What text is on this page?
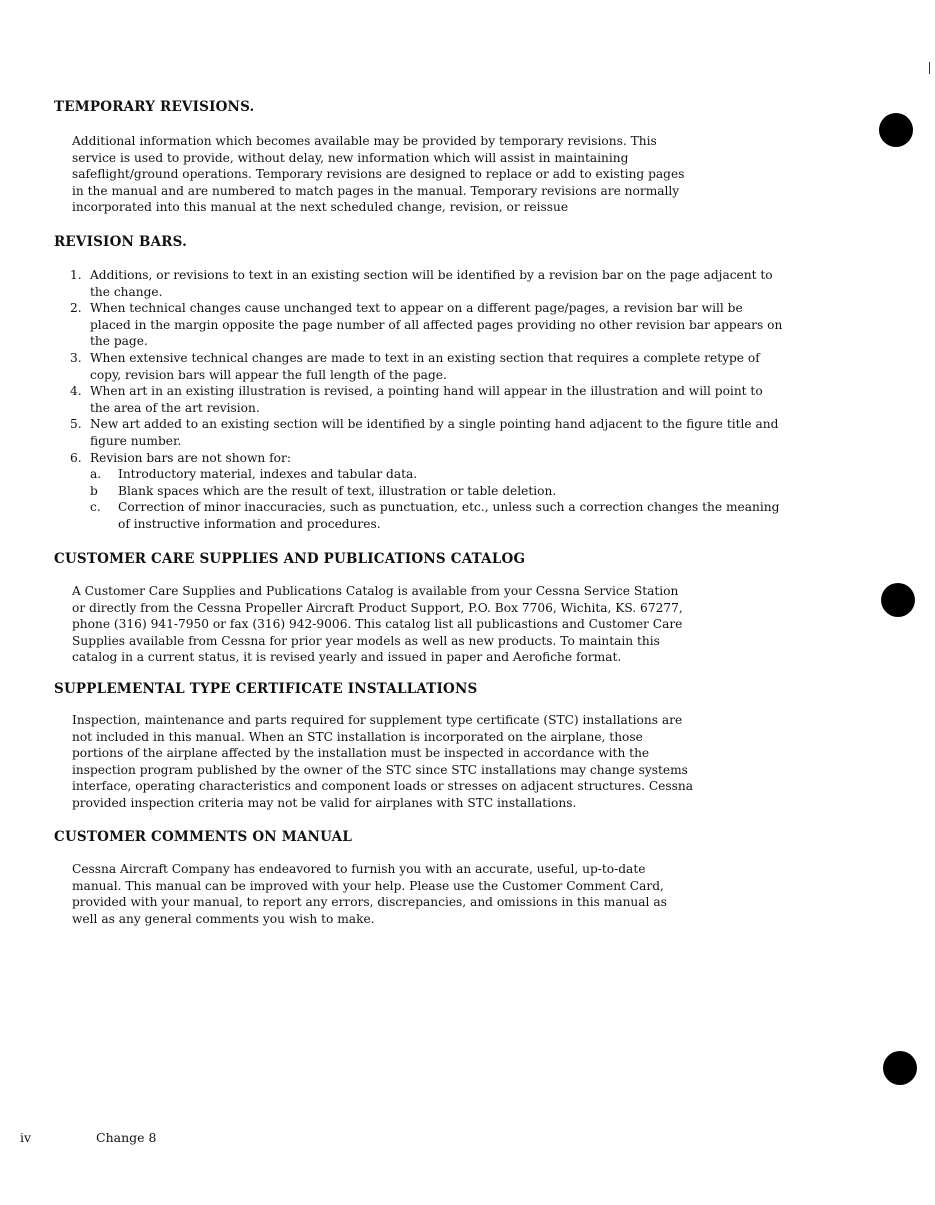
TEMPORARY REVISIONS.

Additional information which becomes available may be provided by temporary revisions. This
service is used to provide, without delay, new information which will assist in maintaining
safeflight/ground operations. Temporary revisions are designed to replace or add to existing pages
in the manual and are numbered to match pages in the manual. Temporary revisions are normally
incorporated into this manual at the next scheduled change, revision, or reissue

REVISION BARS.
1. Additions, or revisions to text in an existing section will be identified by a revision bar on the page adjacent to
the change.
2. When technical changes cause unchanged text to appear on a different page/pages, a revision bar will be
placed in the margin opposite the page number of all affected pages providing no other revision bar appears on
the page.
3. When extensive technical changes are made to text in an existing section that requires a complete retype of
copy, revision bars will appear the full length of the page.
4. When art in an existing illustration is revised, a pointing hand will appear in the illustration and will point to
the area of the art revision.
5. New art added to an existing section will be identified by a single pointing hand adjacent to the figure title and
figure number.
6. Revision bars are not shown for:
a. Introductory material, indexes and tabular data.
b Blank spaces which are the result of text, illustration or table deletion.
c. Correction of minor inaccuracies, such as punctuation, etc., unless such a correction changes the meaning
of instructive information and procedures.
CUSTOMER CARE SUPPLIES AND PUBLICATIONS CATALOG

A Customer Care Supplies and Publications Catalog is available from your Cessna Service Station
or directly from the Cessna Propeller Aircraft Product Support, P.O. Box 7706, Wichita, KS. 67277,
phone (316) 941-7950 or fax (316) 942-9006. This catalog list all publicastions and Customer Care
Supplies available from Cessna for prior year models as well as new products. To maintain this
catalog in a current status, it is revised yearly and issued in paper and Aerofiche format.

SUPPLEMENTAL TYPE CERTIFICATE INSTALLATIONS

Inspection, maintenance and parts required for supplement type certificate (STC) installations are
not included in this manual. When an STC installation is incorporated on the airplane, those
portions of the airplane affected by the installation must be inspected in accordance with the
inspection program published by the owner of the STC since STC installations may change systems
interface, operating characteristics and component loads or stresses on adjacent structures. Cessna
provided inspection criteria may not be valid for airplanes with STC installations.

CUSTOMER COMMENTS ON MANUAL

Cessna Aircraft Company has endeavored to furnish you with an accurate, useful, up-to-date
manual. This manual can be improved with your help. Please use the Customer Comment Card,
provided with your manual, to report any errors, discrepancies, and omissions in this manual as
well as any general comments you wish to make.

iv	Change 8
